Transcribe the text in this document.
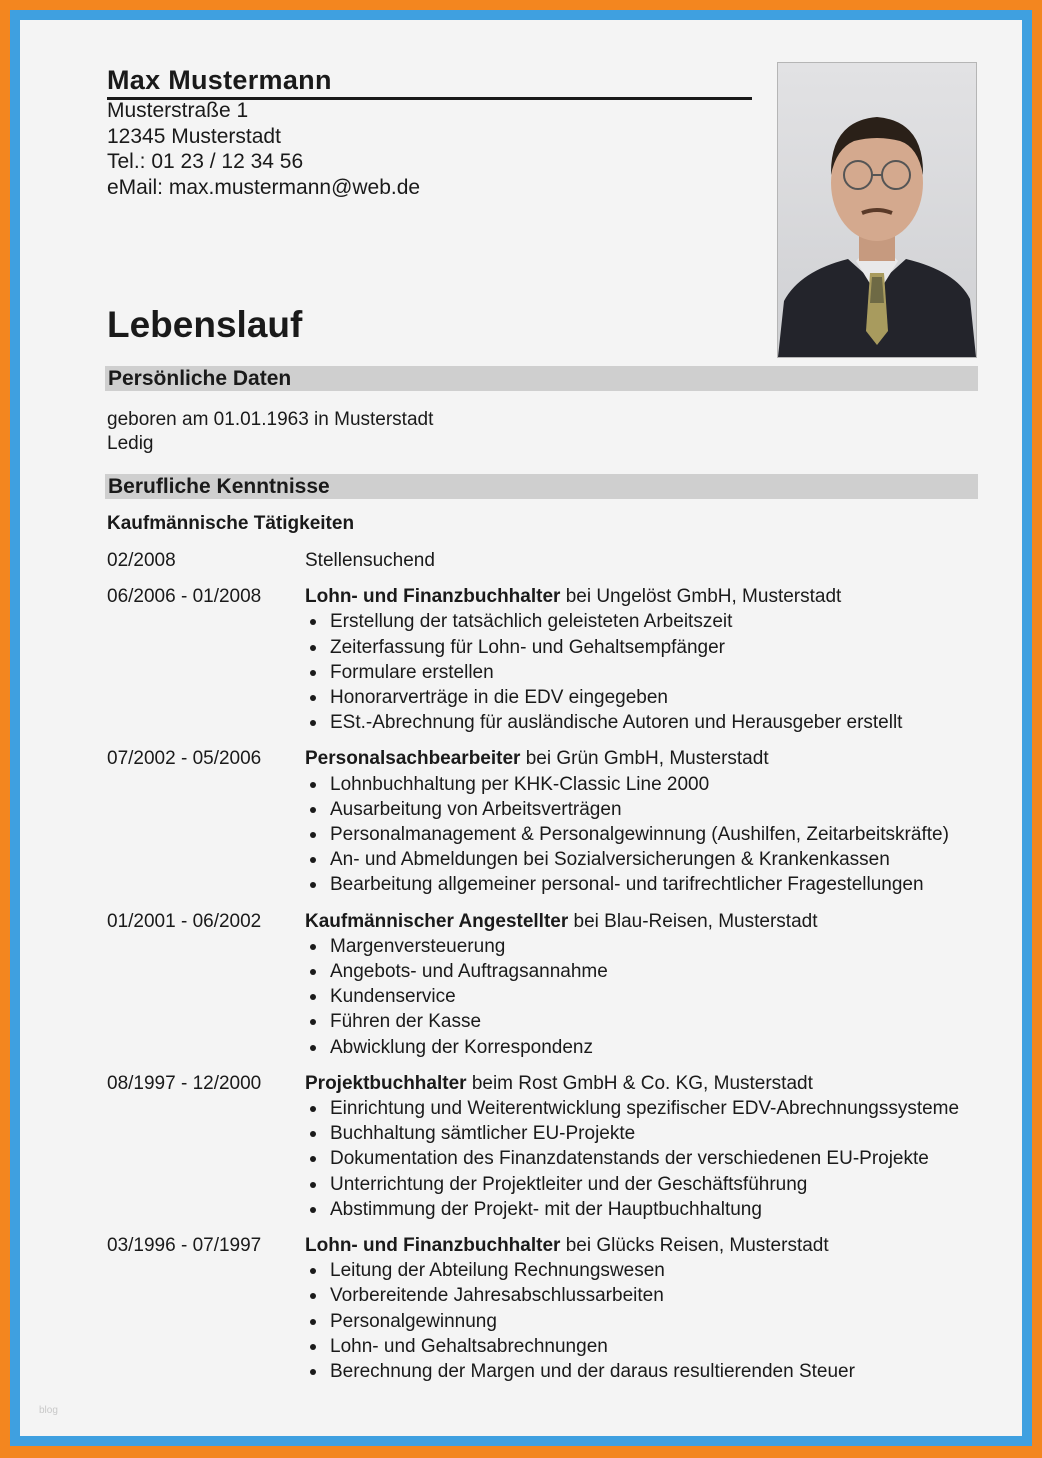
Max Mustermann
Musterstraße 1
12345 Musterstadt
Tel.: 01 23 / 12 34 56
eMail: max.mustermann@web.de
Lebenslauf
Persönliche Daten
geboren am 01.01.1963 in Musterstadt
Ledig
Berufliche Kenntnisse
Kaufmännische Tätigkeiten
02/2008	Stellensuchend
06/2006 - 01/2008	Lohn- und Finanzbuchhalter bei Ungelöst GmbH, Musterstadt
Erstellung der tatsächlich geleisteten Arbeitszeit
Zeiterfassung für Lohn- und Gehaltsempfänger
Formulare erstellen
Honorarverträge in die EDV eingegeben
ESt.-Abrechnung für ausländische Autoren und Herausgeber erstellt
07/2002 - 05/2006	Personalsachbearbeiter bei Grün GmbH, Musterstadt
Lohnbuchhaltung per KHK-Classic Line 2000
Ausarbeitung von Arbeitsverträgen
Personalmanagement & Personalgewinnung (Aushilfen, Zeitarbeitskräfte)
An- und Abmeldungen bei Sozialversicherungen & Krankenkassen
Bearbeitung allgemeiner personal- und tarifrechtlicher Fragestellungen
01/2001 - 06/2002	Kaufmännischer Angestellter bei Blau-Reisen, Musterstadt
Margenversteuerung
Angebots- und Auftragsannahme
Kundenservice
Führen der Kasse
Abwicklung der Korrespondenz
08/1997 - 12/2000	Projektbuchhalter beim Rost GmbH & Co. KG, Musterstadt
Einrichtung und Weiterentwicklung spezifischer EDV-Abrechnungssysteme
Buchhaltung sämtlicher EU-Projekte
Dokumentation des Finanzdatenstands der verschiedenen EU-Projekte
Unterrichtung der Projektleiter und der Geschäftsführung
Abstimmung der Projekt- mit der Hauptbuchhaltung
03/1996 - 07/1997	Lohn- und Finanzbuchhalter bei Glücks Reisen, Musterstadt
Leitung der Abteilung Rechnungswesen
Vorbereitende Jahresabschlussarbeiten
Personalgewinnung
Lohn- und Gehaltsabrechnungen
Berechnung der Margen und der daraus resultierenden Steuer
blog
